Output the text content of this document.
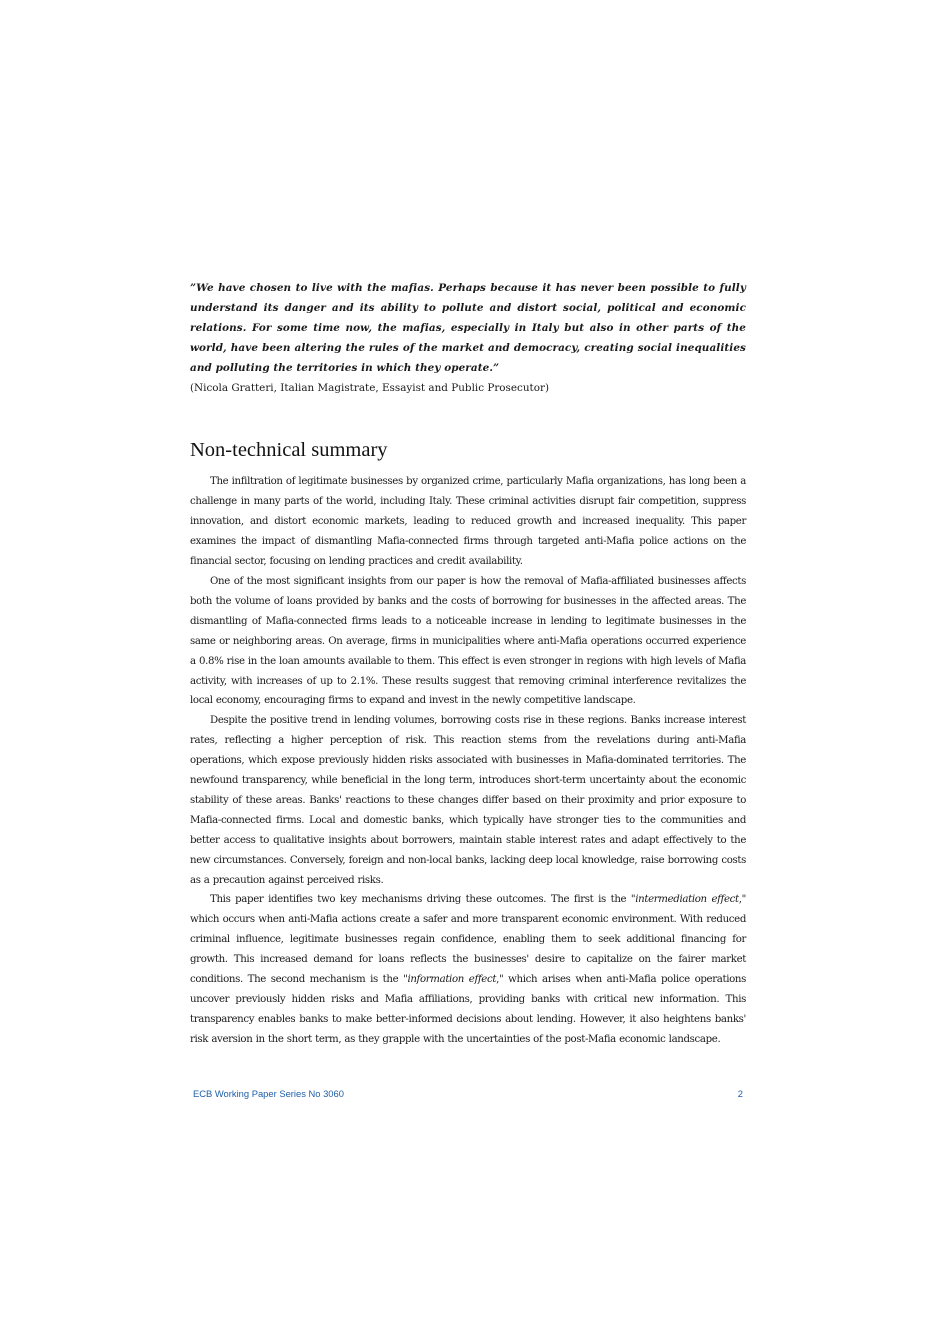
”We have chosen to live with the mafias. Perhaps because it has never been possible to fully understand its danger and its ability to pollute and distort social, political and economic relations. For some time now, the mafias, especially in Italy but also in other parts of the world, have been altering the rules of the market and democracy, creating social inequalities and polluting the territories in which they operate.”

(Nicola Gratteri, Italian Magistrate, Essayist and Public Prosecutor)

Non-technical summary

The infiltration of legitimate businesses by organized crime, particularly Mafia organizations, has long been a challenge in many parts of the world, including Italy. These criminal activities disrupt fair competition, suppress innovation, and distort economic markets, leading to reduced growth and increased inequality. This paper examines the impact of dismantling Mafia-connected firms through targeted anti-Mafia police actions on the financial sector, focusing on lending practices and credit availability.

One of the most significant insights from our paper is how the removal of Mafia-affiliated businesses affects both the volume of loans provided by banks and the costs of borrowing for businesses in the affected areas. The dismantling of Mafia-connected firms leads to a noticeable increase in lending to legitimate businesses in the same or neighboring areas. On average, firms in municipalities where anti-Mafia operations occurred experience a 0.8% rise in the loan amounts available to them. This effect is even stronger in regions with high levels of Mafia activity, with increases of up to 2.1%. These results suggest that removing criminal interference revitalizes the local economy, encouraging firms to expand and invest in the newly competitive landscape.

Despite the positive trend in lending volumes, borrowing costs rise in these regions. Banks increase interest rates, reflecting a higher perception of risk. This reaction stems from the revelations during anti-Mafia operations, which expose previously hidden risks associated with businesses in Mafia-dominated territories. The newfound transparency, while beneficial in the long term, introduces short-term uncertainty about the economic stability of these areas. Banks' reactions to these changes differ based on their proximity and prior exposure to Mafia-connected firms. Local and domestic banks, which typically have stronger ties to the communities and better access to qualitative insights about borrowers, maintain stable interest rates and adapt effectively to the new circumstances. Conversely, foreign and non-local banks, lacking deep local knowledge, raise borrowing costs as a precaution against perceived risks.

This paper identifies two key mechanisms driving these outcomes. The first is the "intermediation effect," which occurs when anti-Mafia actions create a safer and more transparent economic environment. With reduced criminal influence, legitimate businesses regain confidence, enabling them to seek additional financing for growth. This increased demand for loans reflects the businesses' desire to capitalize on the fairer market conditions. The second mechanism is the "information effect," which arises when anti-Mafia police operations uncover previously hidden risks and Mafia affiliations, providing banks with critical new information. This transparency enables banks to make better-informed decisions about lending. However, it also heightens banks' risk aversion in the short term, as they grapple with the uncertainties of the post-Mafia economic landscape.

ECB Working Paper Series No 3060	2
